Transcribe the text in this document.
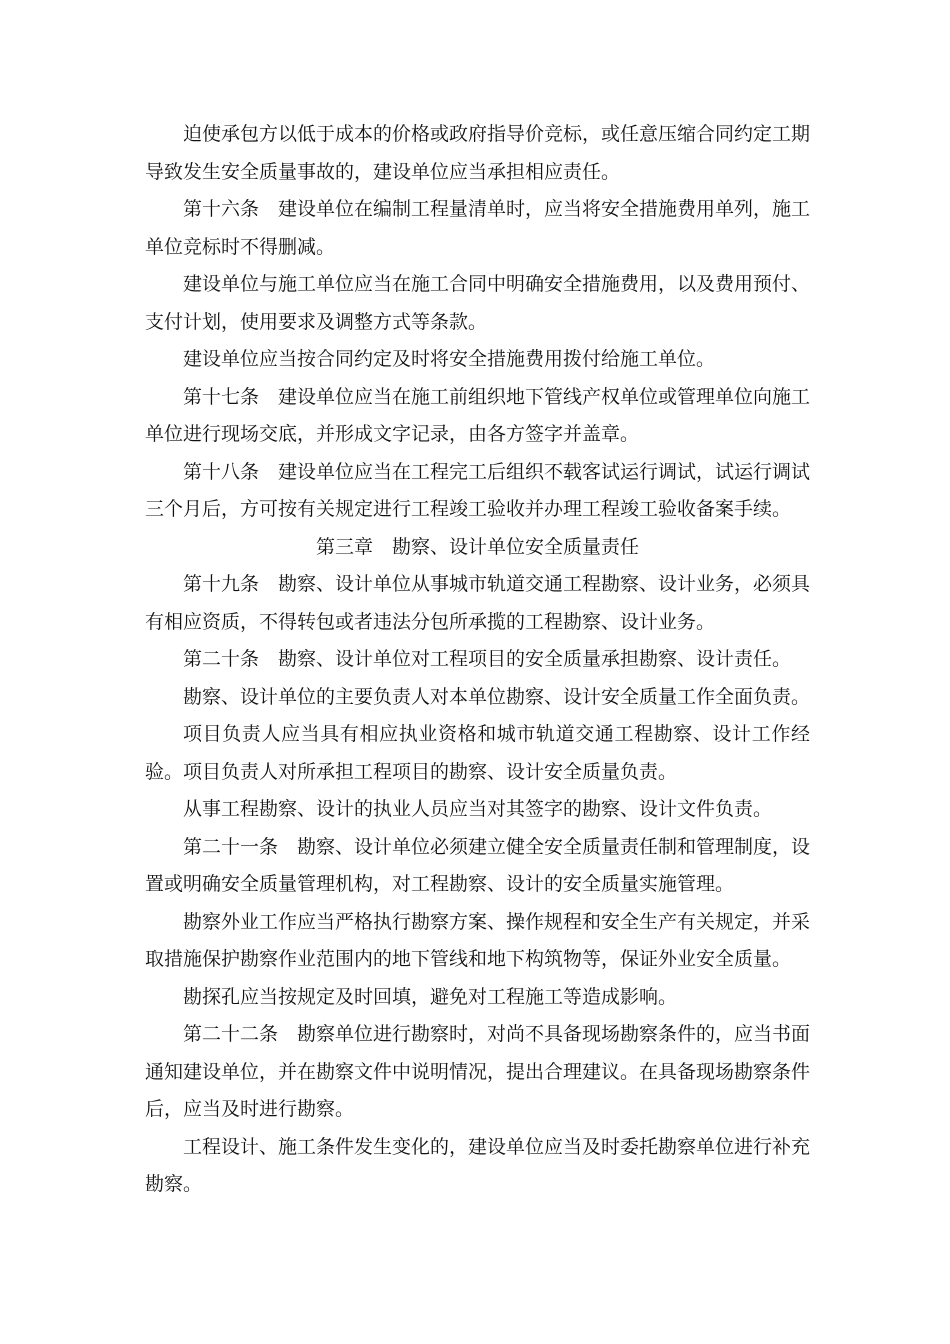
迫使承包方以低于成本的价格或政府指导价竞标，或任意压缩合同约定工期导致发生安全质量事故的，建设单位应当承担相应责任。

第十六条　建设单位在编制工程量清单时，应当将安全措施费用单列，施工单位竞标时不得删减。

建设单位与施工单位应当在施工合同中明确安全措施费用，以及费用预付、支付计划，使用要求及调整方式等条款。

建设单位应当按合同约定及时将安全措施费用拨付给施工单位。

第十七条　建设单位应当在施工前组织地下管线产权单位或管理单位向施工单位进行现场交底，并形成文字记录，由各方签字并盖章。

第十八条　建设单位应当在工程完工后组织不载客试运行调试，试运行调试三个月后，方可按有关规定进行工程竣工验收并办理工程竣工验收备案手续。

第三章　勘察、设计单位安全质量责任

第十九条　勘察、设计单位从事城市轨道交通工程勘察、设计业务，必须具有相应资质，不得转包或者违法分包所承揽的工程勘察、设计业务。

第二十条　勘察、设计单位对工程项目的安全质量承担勘察、设计责任。

勘察、设计单位的主要负责人对本单位勘察、设计安全质量工作全面负责。

项目负责人应当具有相应执业资格和城市轨道交通工程勘察、设计工作经验。项目负责人对所承担工程项目的勘察、设计安全质量负责。

从事工程勘察、设计的执业人员应当对其签字的勘察、设计文件负责。

第二十一条　勘察、设计单位必须建立健全安全质量责任制和管理制度，设置或明确安全质量管理机构，对工程勘察、设计的安全质量实施管理。

勘察外业工作应当严格执行勘察方案、操作规程和安全生产有关规定，并采取措施保护勘察作业范围内的地下管线和地下构筑物等，保证外业安全质量。

勘探孔应当按规定及时回填，避免对工程施工等造成影响。

第二十二条　勘察单位进行勘察时，对尚不具备现场勘察条件的，应当书面通知建设单位，并在勘察文件中说明情况，提出合理建议。在具备现场勘察条件后，应当及时进行勘察。

工程设计、施工条件发生变化的，建设单位应当及时委托勘察单位进行补充勘察。
